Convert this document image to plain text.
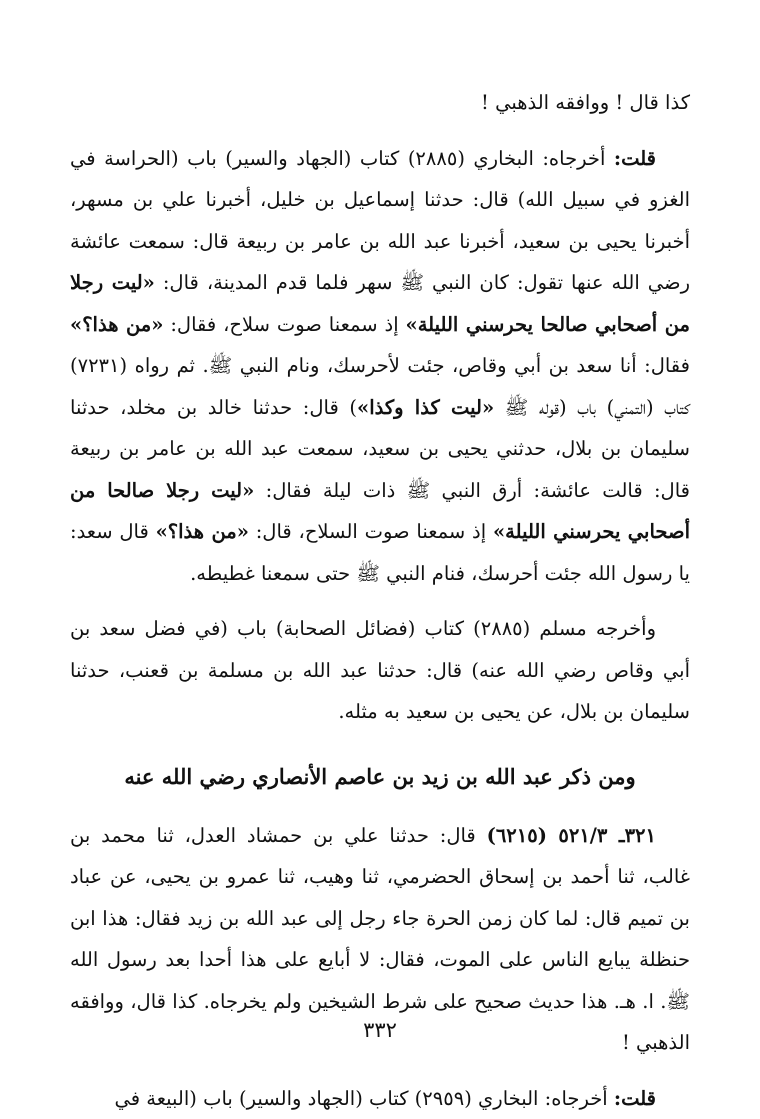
كذا قال ! ووافقه الذهبي !

قلت: أخرجاه: البخاري (٢٨٨٥) كتاب (الجهاد والسير) باب (الحراسة في الغزو في سبيل الله) قال: حدثنا إسماعيل بن خليل، أخبرنا علي بن مسهر، أخبرنا يحيى بن سعيد، أخبرنا عبد الله بن عامر بن ربيعة قال: سمعت عائشة رضي الله عنها تقول: كان النبي ﷺ سهر فلما قدم المدينة، قال: «ليت رجلا من أصحابي صالحا يحرسني الليلة» إذ سمعنا صوت سلاح، فقال: «من هذا؟» فقال: أنا سعد بن أبي وقاص، جئت لأحرسك، ونام النبي ﷺ. ثم رواه (٧٢٣١) كتاب (التمني) باب (قوله ﷺ «ليت كذا وكذا») قال: حدثنا خالد بن مخلد، حدثنا سليمان بن بلال، حدثني يحيى بن سعيد، سمعت عبد الله بن عامر بن ربيعة قال: قالت عائشة: أرق النبي ﷺ ذات ليلة فقال: «ليت رجلا صالحا من أصحابي يحرسني الليلة» إذ سمعنا صوت السلاح، قال: «من هذا؟» قال سعد: يا رسول الله جئت أحرسك، فنام النبي ﷺ حتى سمعنا غطيطه.

وأخرجه مسلم (٢٨٨٥) كتاب (فضائل الصحابة) باب (في فضل سعد بن أبي وقاص رضي الله عنه) قال: حدثنا عبد الله بن مسلمة بن قعنب، حدثنا سليمان بن بلال، عن يحيى بن سعيد به مثله.

ومن ذكر عبد الله بن زيد بن عاصم الأنصاري رضي الله عنه

٣٢١ـ ٥٢١/٣ (٦٢١٥) قال: حدثنا علي بن حمشاد العدل، ثنا محمد بن غالب، ثنا أحمد بن إسحاق الحضرمي، ثنا وهيب، ثنا عمرو بن يحيى، عن عباد بن تميم قال: لما كان زمن الحرة جاء رجل إلى عبد الله بن زيد فقال: هذا ابن حنظلة يبايع الناس على الموت، فقال: لا أبايع على هذا أحدا بعد رسول الله ﷺ. ا. هـ. هذا حديث صحيح على شرط الشيخين ولم يخرجاه. كذا قال، ووافقه الذهبي !

قلت: أخرجاه: البخاري (٢٩٥٩) كتاب (الجهاد والسير) باب (البيعة في

٣٣٢
